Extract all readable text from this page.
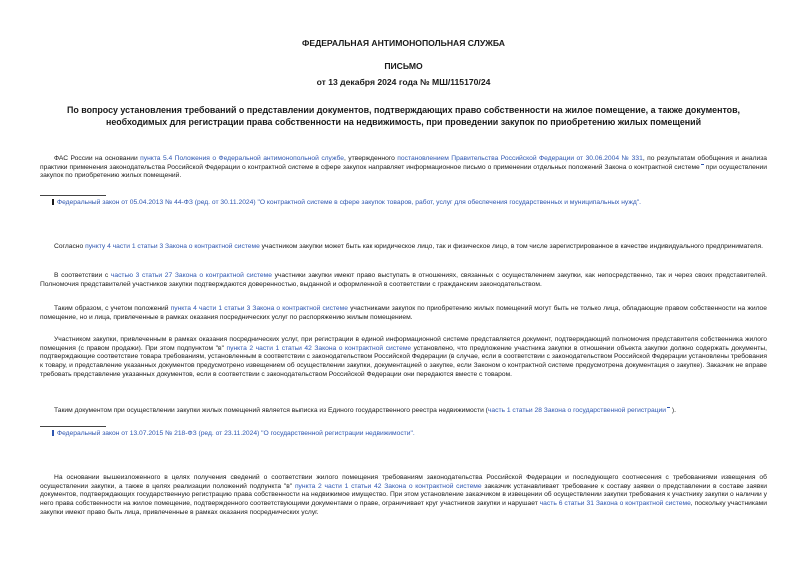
ФЕДЕРАЛЬНАЯ АНТИМОНОПОЛЬНАЯ СЛУЖБА
ПИСЬМО
от 13 декабря 2024 года № МШ/115170/24
По вопросу установления требований о представлении документов, подтверждающих право собственности на жилое помещение, а также документов, необходимых для регистрации права собственности на недвижимость, при проведении закупок по приобретению жилых помещений
ФАС России на основании пункта 5.4 Положения о Федеральной антимонопольной службе, утвержденного постановлением Правительства Российской Федерации от 30.06.2004 № 331, по результатам обобщения и анализа практики применения законодательства Российской Федерации о контрактной системе в сфере закупок направляет информационное письмо о применении отдельных положений Закона о контрактной системе при осуществлении закупок по приобретению жилых помещений.
Федеральный закон от 05.04.2013 № 44-ФЗ (ред. от 30.11.2024) "О контрактной системе в сфере закупок товаров, работ, услуг для обеспечения государственных и муниципальных нужд".
Согласно пункту 4 части 1 статьи 3 Закона о контрактной системе участником закупки может быть как юридическое лицо, так и физическое лицо, в том числе зарегистрированное в качестве индивидуального предпринимателя.
В соответствии с частью 3 статьи 27 Закона о контрактной системе участники закупки имеют право выступать в отношениях, связанных с осуществлением закупки, как непосредственно, так и через своих представителей. Полномочия представителей участников закупки подтверждаются доверенностью, выданной и оформленной в соответствии с гражданским законодательством.
Таким образом, с учетом положений пункта 4 части 1 статьи 3 Закона о контрактной системе участниками закупок по приобретению жилых помещений могут быть не только лица, обладающие правом собственности на жилое помещение, но и лица, привлеченные в рамках оказания посреднических услуг по распоряжению жилым помещением.
Участником закупки, привлеченным в рамках оказания посреднических услуг, при регистрации в единой информационной системе представляется документ, подтверждающий полномочия представителя собственника жилого помещения (с правом продажи). При этом подпунктом "в" пункта 2 части 1 статьи 42 Закона о контрактной системе установлено, что предложение участника закупки в отношении объекта закупки должно содержать документы, подтверждающие соответствие товара требованиям, установленным в соответствии с законодательством Российской Федерации (в случае, если в соответствии с законодательством Российской Федерации установлены требования к товару, и представление указанных документов предусмотрено извещением об осуществлении закупки, документацией о закупке, если Законом о контрактной системе предусмотрена документация о закупке). Заказчик не вправе требовать представление указанных документов, если в соответствии с законодательством Российской Федерации они передаются вместе с товаром.
Таким документом при осуществлении закупки жилых помещений является выписка из Единого государственного реестра недвижимости (часть 1 статьи 28 Закона о государственной регистрации ).
Федеральный закон от 13.07.2015 № 218-ФЗ (ред. от 23.11.2024) "О государственной регистрации недвижимости".
На основании вышеизложенного в целях получения сведений о соответствии жилого помещения требованиям законодательства Российской Федерации и последующего соотнесения с требованиями извещения об осуществлении закупки, а также в целях реализации положений подпункта "в" пункта 2 части 1 статьи 42 Закона о контрактной системе заказчик устанавливает требование к составу заявки о представлении в составе заявки документов, подтверждающих государственную регистрацию права собственности на недвижимое имущество. При этом установление заказчиком в извещении об осуществлении закупки требования к участнику закупки о наличии у него права собственности на жилое помещение, подтвержденного соответствующими документами о праве, ограничивает круг участников закупки и нарушает часть 6 статьи 31 Закона о контрактной системе, поскольку участниками закупки имеют право быть лица, привлеченные в рамках оказания посреднических услуг.
